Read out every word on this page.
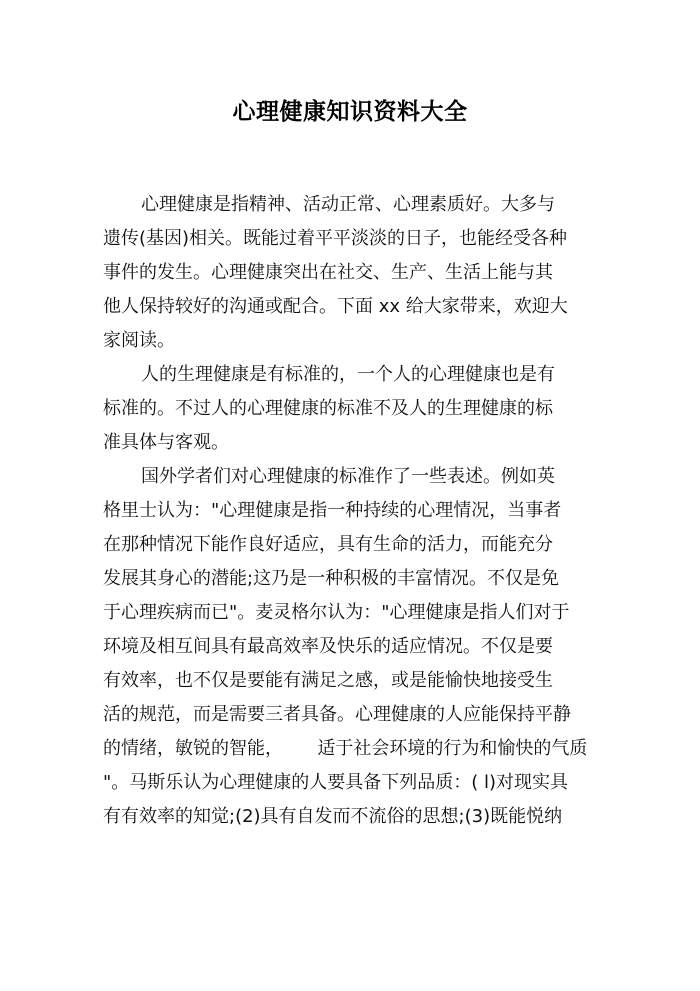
心理健康知识资料大全
心理健康是指精神、活动正常、心理素质好。大多与
遗传(基因)相关。既能过着平平淡淡的日子，也能经受各种
事件的发生。心理健康突出在社交、生产、生活上能与其
他人保持较好的沟通或配合。下面 xx 给大家带来，欢迎大
家阅读。
人的生理健康是有标准的，一个人的心理健康也是有
标准的。不过人的心理健康的标准不及人的生理健康的标
准具体与客观。
国外学者们对心理健康的标准作了一些表述。例如英
格里士认为："心理健康是指一种持续的心理情况，当事者
在那种情况下能作良好适应，具有生命的活力，而能充分
发展其身心的潜能;这乃是一种积极的丰富情况。不仅是免
于心理疾病而已"。麦灵格尔认为："心理健康是指人们对于
环境及相互间具有最高效率及快乐的适应情况。不仅是要
有效率，也不仅是要能有满足之感，或是能愉快地接受生
活的规范，而是需要三者具备。心理健康的人应能保持平静
的情绪，敏锐的智能，      适于社会环境的行为和愉快的气质
"。马斯乐认为心理健康的人要具备下列品质：( l)对现实具
有有效率的知觉;(2)具有自发而不流俗的思想;(3)既能悦纳
